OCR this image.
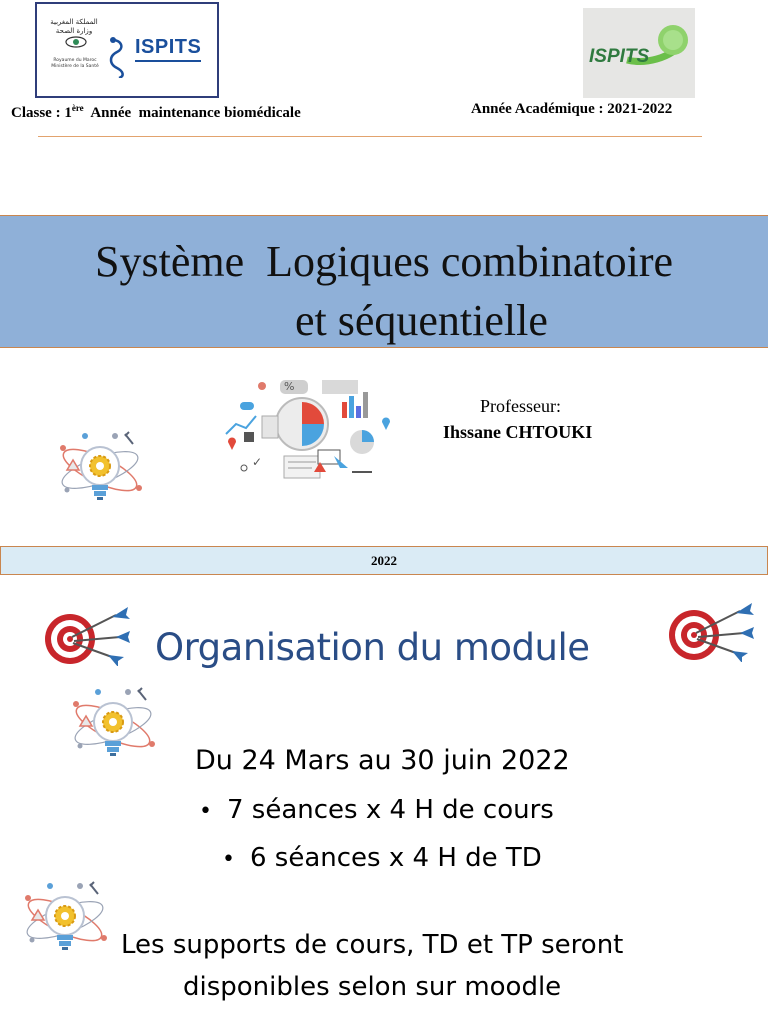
المملكة المغربية وزارة الصحة
Royaume du Maroc Ministère de la Santé
ISPITS	ISPITS
Classe : 1ère  Année  maintenance biomédicale	Année Académique : 2021-2022
Système  Logiques combinatoire
et séquentielle
%
✓
Professeur:
Ihssane CHTOUKI
2022
Organisation du module
Du 24 Mars au 30 juin 2022
• 7 séances x 4 H de cours
• 6 séances x 4 H de TD
Les supports de cours, TD et TP seront
disponibles selon sur moodle
